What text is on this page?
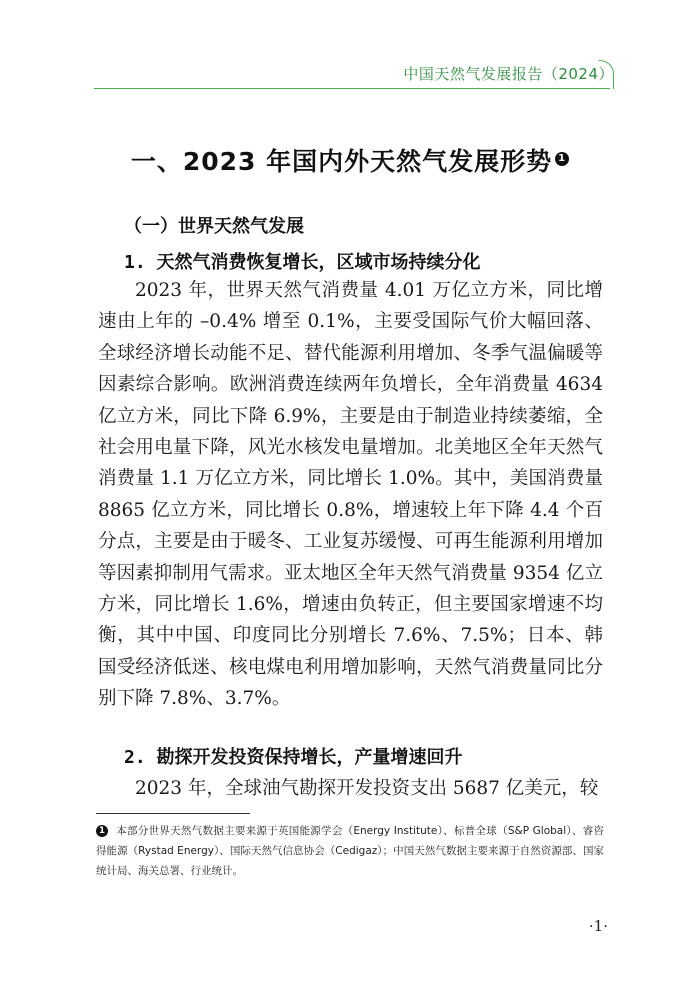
中国天然气发展报告（2024）
一、2023 年国内外天然气发展形势 1
（一）世界天然气发展
1. 天然气消费恢复增长，区域市场持续分化

2023 年，世界天然气消费量 4.01 万亿立方米，同比增速由上年的 –0.4% 增至 0.1%，主要受国际气价大幅回落、全球经济增长动能不足、替代能源利用增加、冬季气温偏暖等因素综合影响。欧洲消费连续两年负增长，全年消费量 4634 亿立方米，同比下降 6.9%，主要是由于制造业持续萎缩，全社会用电量下降，风光水核发电量增加。北美地区全年天然气消费量 1.1 万亿立方米，同比增长 1.0%。其中，美国消费量 8865 亿立方米，同比增长 0.8%，增速较上年下降 4.4 个百分点，主要是由于暖冬、工业复苏缓慢、可再生能源利用增加等因素抑制用气需求。亚太地区全年天然气消费量 9354 亿立方米，同比增长 1.6%，增速由负转正，但主要国家增速不均衡，其中中国、印度同比分别增长 7.6%、7.5%；日本、韩国受经济低迷、核电煤电利用增加影响，天然气消费量同比分别下降 7.8%、3.7%。

2. 勘探开发投资保持增长，产量增速回升

2023 年，全球油气勘探开发投资支出 5687 亿美元，较

1 本部分世界天然气数据主要来源于英国能源学会（Energy Institute）、标普全球（S&P Global）、睿咨得能源（Rystad Energy）、国际天然气信息协会（Cedigaz）；中国天然气数据主要来源于自然资源部、国家统计局、海关总署、行业统计。
·1·
